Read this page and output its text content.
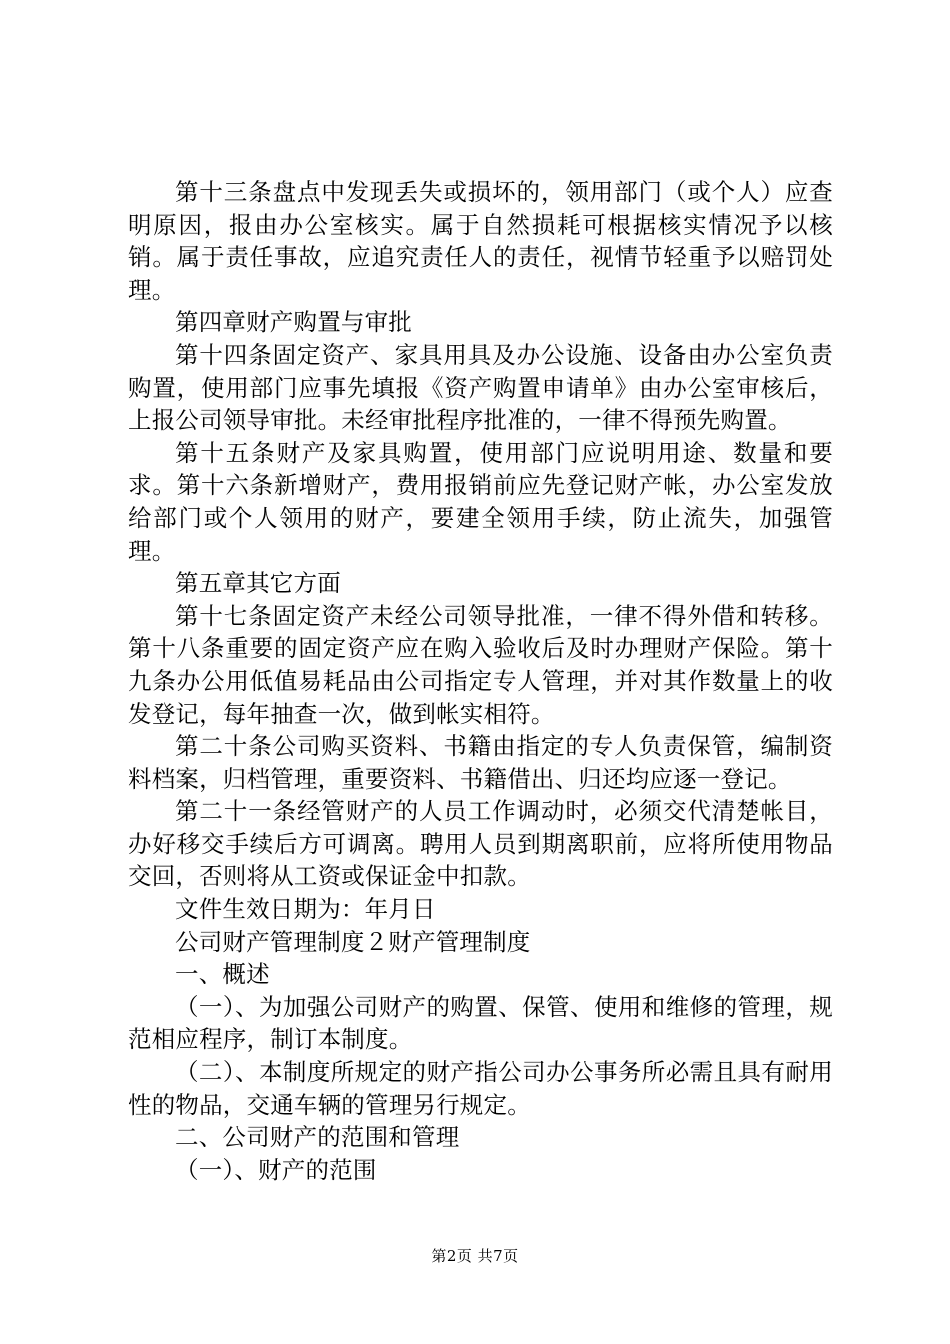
第十三条盘点中发现丢失或损坏的，领用部门（或个人）应查明原因，报由办公室核实。属于自然损耗可根据核实情况予以核销。属于责任事故，应追究责任人的责任，视情节轻重予以赔罚处理。

第四章财产购置与审批

第十四条固定资产、家具用具及办公设施、设备由办公室负责购置，使用部门应事先填报《资产购置申请单》由办公室审核后，上报公司领导审批。未经审批程序批准的，一律不得预先购置。

第十五条财产及家具购置，使用部门应说明用途、数量和要求。第十六条新增财产，费用报销前应先登记财产帐，办公室发放给部门或个人领用的财产，要建全领用手续，防止流失，加强管理。

第五章其它方面

第十七条固定资产未经公司领导批准，一律不得外借和转移。第十八条重要的固定资产应在购入验收后及时办理财产保险。第十九条办公用低值易耗品由公司指定专人管理，并对其作数量上的收发登记，每年抽查一次，做到帐实相符。

第二十条公司购买资料、书籍由指定的专人负责保管，编制资料档案，归档管理，重要资料、书籍借出、归还均应逐一登记。

第二十一条经管财产的人员工作调动时，必须交代清楚帐目，办好移交手续后方可调离。聘用人员到期离职前，应将所使用物品交回，否则将从工资或保证金中扣款。

文件生效日期为：年月日

公司财产管理制度２财产管理制度

一、概述

（一）、为加强公司财产的购置、保管、使用和维修的管理，规范相应程序，制订本制度。

（二）、本制度所规定的财产指公司办公事务所必需且具有耐用性的物品，交通车辆的管理另行规定。

二、公司财产的范围和管理

（一）、财产的范围

第2页 共7页
